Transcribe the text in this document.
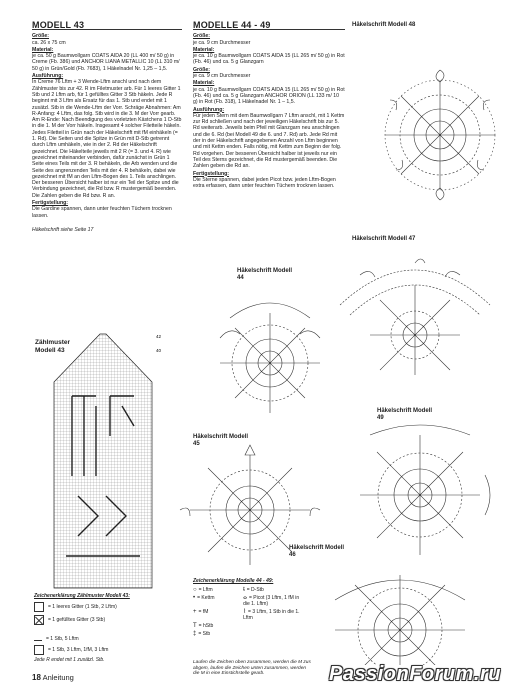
MODELL 43
Größe:
ca. 26 x 75 cm
Material:
je ca. 50 g Baumwollgarn COATS AIDA 20 (LL 400 m/ 50 g) in Creme (Fb. 386) und ANCHOR LIANA METALLIC 10 (LL 310 m/ 50 g) in Grün/Gold (Fb. 7683), 1 Häkelnadel Nr. 1,25 – 1,5.
Ausführung:
In Creme 76 Lftm + 3 Wende-Lftm anschl und nach dem Zählmuster bis zur 42. R im Filetmuster arb. Für 1 leeres Gitter 1 Stb und 2 Lftm arb, für 1 gefülltes Gitter 3 Stb häkeln. Jede R beginnt mit 3 Lftm als Ersatz für das 1. Stb und endet mit 1 zusätzl. Stb in die Wende-Lftm der Vorr. Schräge Abnahmen: Am R-Anfang: 4 Lftm, das folg. Stb wird in die 3. M der Vorr gearb. Am R-Ende: Nach Beendigung des vorletzten Kästchens 1 D-Stb in die 1. M der Vorr häkeln. Insgesamt 4 solcher Filetteile häkeln. Jedes Filetteil in Grün nach der Häkelschrift mit fM einhäkeln (= 1. Rd). Die Seiten und die Spitze in Grün mit D-Stb getrennt durch Lftm umhäkeln, wie in der 2. Rd der Häkelschrift gezeichnet. Die Häkelteile jeweils mit 2 R (= 3. und 4. R) wie gezeichnet miteinander verbinden, dafür zunächst in Grün 1 Seite eines Teils mit der 3. R behäkeln, die Arb wenden und die Seite des angrenzenden Teils mit der 4. R behäkeln, dabei wie gezeichnet mit fM an den Lftm-Bogen des 1. Teils anschlingen. Der besseren Übersicht halber ist nur ein Teil der Spitze und die Verbindung gezeichnet, die Rd bzw. R mustergemäß beenden. Die Zahlen geben die Rd bzw. R an.
Fertigstellung:
Die Gardine spannen, dann unter feuchten Tüchern trocknen lassen.
Häkelschrift siehe Seite 17
MODELLE 44 - 49
Größe:
je ca. 9 cm Durchmesser
Material:
je ca. 10 g Baumwollgarn COATS AIDA 15 (LL 265 m/ 50 g) in Rot (Fb. 46) und ca. 5 g Glanzgarn
Größe:
je ca. 9 cm Durchmesser
Material:
je ca. 10 g Baumwollgarn COATS AIDA 15 (LL 265 m/ 50 g) in Rot (Fb. 46) und ca. 5 g Glanzgarn ANCHOR ORION (LL 133 m/ 10 g) in Rot (Fb. 318), 1 Häkelnadel Nr. 1 – 1,5.
Ausführung:
Für jeden Stern mit dem Baumwollgarn 7 Lftm anschl, mit 1 Kettm zur Rd schließen und nach der jeweiligen Häkelschrift bis zur 5. Rd weiterarb. Jeweils beim Pfeil mit Glanzgarn neu anschlingen und die 6. Rd (bei Modell 49 die 6. und 7. Rd) arb. Jede Rd mit der in der Häkelschrift angegebenen Anzahl von Lftm beginnen und mit Kettm enden. Falls nötig, mit Kettm zum Beginn der folg. Rd vorgehen. Der besseren Übersicht halber ist jeweils nur ein Teil des Sterns gezeichnet, die Rd mustergemäß beenden. Die Zahlen geben die Rd an.
Fertigstellung:
Die Sterne spannen, dabei jeden Picot bzw. jeden Lftm-Bogen extra erfassen, dann unter feuchten Tüchern trocknen lassen.
Häkelschrift Modell 48
Häkelschrift Modell 47
Häkelschrift Modell 44
Häkelschrift Modell 49
Häkelschrift Modell 45
Häkelschrift Modell 46
Zählmuster
Modell 43
42
40
Zeichenerklärung Zählmuster Modell 43:
= 1 leeres Gitter (1 Stb, 2 Lftm)
= 1 gefülltes Gitter (3 Stb)
= 1 Stb, 5 Lftm
= 1 Stb, 3 Lftm, 1fM, 3 Lftm
Jede R endet mit 1 zusätzl. Stb.
Zeichenerklärung Modelle 44 - 49:
○ = Lftm	ŧ = D-Stb
• = Kettm	ⴰ = Picot (3 Lftm, 1 fM in die 1. Lftm)
+ = fM	⌇ = 3 Lftm, 1 Stb in die 1. Lftm
T = hStb
‡ = Stb
Laufen die Zeichen oben zusammen, werden die M zus abgem, laufen die Zeichen unten zusammen, werden die M in eine Einstichstelle gearb.
18 Anleitung	PassionForum.ru
